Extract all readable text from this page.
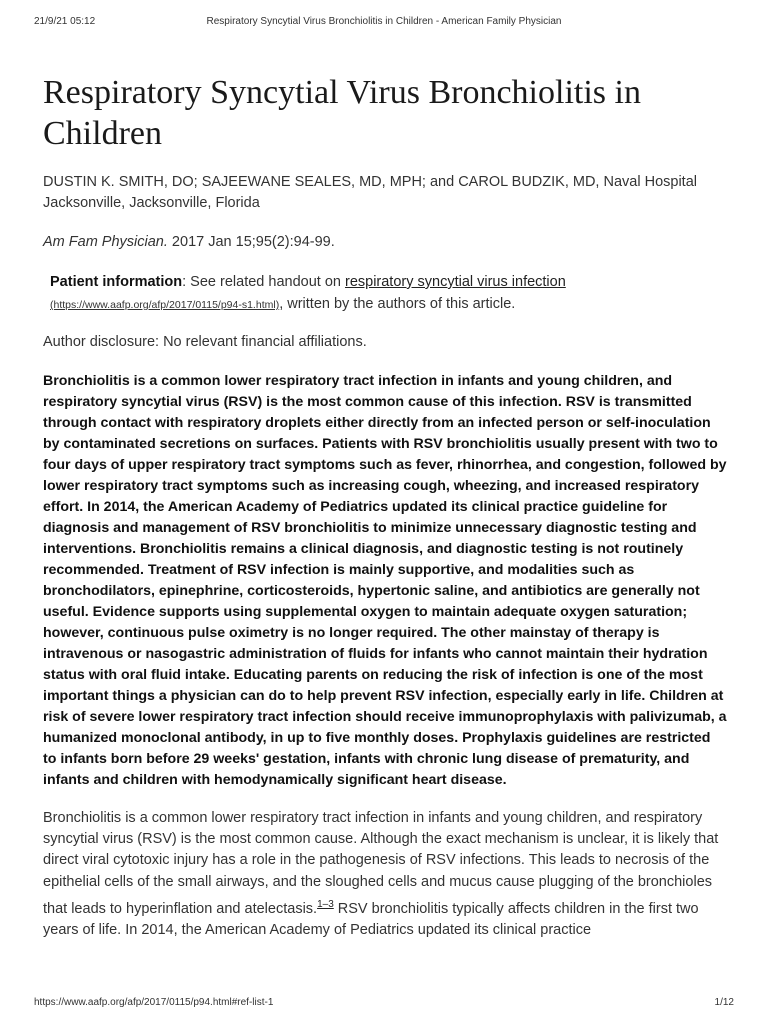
21/9/21 05:12	Respiratory Syncytial Virus Bronchiolitis in Children - American Family Physician
Respiratory Syncytial Virus Bronchiolitis in Children
DUSTIN K. SMITH, DO; SAJEEWANE SEALES, MD, MPH; and CAROL BUDZIK, MD, Naval Hospital Jacksonville, Jacksonville, Florida
Am Fam Physician. 2017 Jan 15;95(2):94-99.
Patient information: See related handout on respiratory syncytial virus infection
(https://www.aafp.org/afp/2017/0115/p94-s1.html), written by the authors of this article.
Author disclosure: No relevant financial affiliations.

Bronchiolitis is a common lower respiratory tract infection in infants and young children, and respiratory syncytial virus (RSV) is the most common cause of this infection. RSV is transmitted through contact with respiratory droplets either directly from an infected person or self-inoculation by contaminated secretions on surfaces. Patients with RSV bronchiolitis usually present with two to four days of upper respiratory tract symptoms such as fever, rhinorrhea, and congestion, followed by lower respiratory tract symptoms such as increasing cough, wheezing, and increased respiratory effort. In 2014, the American Academy of Pediatrics updated its clinical practice guideline for diagnosis and management of RSV bronchiolitis to minimize unnecessary diagnostic testing and interventions. Bronchiolitis remains a clinical diagnosis, and diagnostic testing is not routinely recommended. Treatment of RSV infection is mainly supportive, and modalities such as bronchodilators, epinephrine, corticosteroids, hypertonic saline, and antibiotics are generally not useful. Evidence supports using supplemental oxygen to maintain adequate oxygen saturation; however, continuous pulse oximetry is no longer required. The other mainstay of therapy is intravenous or nasogastric administration of fluids for infants who cannot maintain their hydration status with oral fluid intake. Educating parents on reducing the risk of infection is one of the most important things a physician can do to help prevent RSV infection, especially early in life. Children at risk of severe lower respiratory tract infection should receive immunoprophylaxis with palivizumab, a humanized monoclonal antibody, in up to five monthly doses. Prophylaxis guidelines are restricted to infants born before 29 weeks' gestation, infants with chronic lung disease of prematurity, and infants and children with hemodynamically significant heart disease.

Bronchiolitis is a common lower respiratory tract infection in infants and young children, and respiratory syncytial virus (RSV) is the most common cause. Although the exact mechanism is unclear, it is likely that direct viral cytotoxic injury has a role in the pathogenesis of RSV infections. This leads to necrosis of the epithelial cells of the small airways, and the sloughed cells and mucus cause plugging of the bronchioles that leads to hyperinflation and atelectasis.$^{1-3}$ RSV bronchiolitis typically affects children in the first two years of life. In 2014, the American Academy of Pediatrics updated its clinical practice

https://www.aafp.org/afp/2017/0115/p94.html#ref-list-1	1/12
